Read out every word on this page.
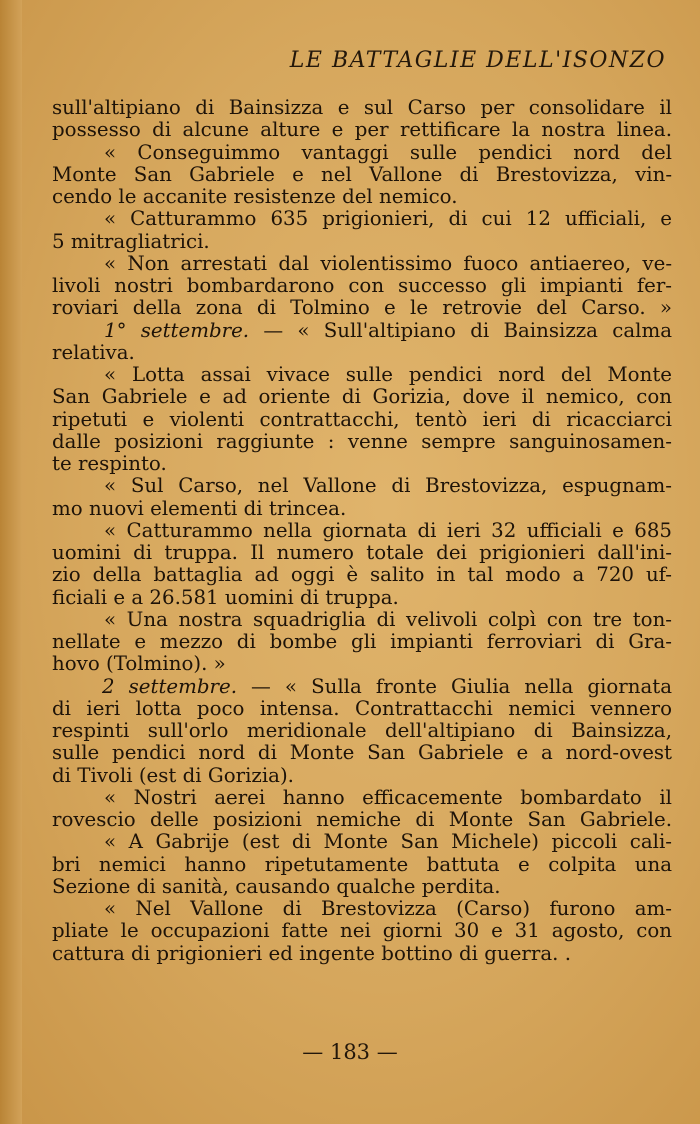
LE BATTAGLIE DELL'ISONZO
sull'altipiano di Bainsizza e sul Carso per consolidare il
possesso di alcune alture e per rettificare la nostra linea.
« Conseguimmo vantaggi sulle pendici nord del
Monte San Gabriele e nel Vallone di Brestovizza, vin-
cendo le accanite resistenze del nemico.
« Catturammo 635 prigionieri, di cui 12 ufficiali, e
5 mitragliatrici.
« Non arrestati dal violentissimo fuoco antiaereo, ve-
livoli nostri bombardarono con successo gli impianti fer-
roviari della zona di Tolmino e le retrovie del Carso. »
1° settembre. — « Sull'altipiano di Bainsizza calma
relativa.
« Lotta assai vivace sulle pendici nord del Monte
San Gabriele e ad oriente di Gorizia, dove il nemico, con
ripetuti e violenti contrattacchi, tentò ieri di ricacciarci
dalle posizioni raggiunte : venne sempre sanguinosamen-
te respinto.
« Sul Carso, nel Vallone di Brestovizza, espugnam-
mo nuovi elementi di trincea.
« Catturammo nella giornata di ieri 32 ufficiali e 685
uomini di truppa. Il numero totale dei prigionieri dall'ini-
zio della battaglia ad oggi è salito in tal modo a 720 uf-
ficiali e a 26.581 uomini di truppa.
« Una nostra squadriglia di velivoli colpì con tre ton-
nellate e mezzo di bombe gli impianti ferroviari di Gra-
hovo (Tolmino). »
2 settembre. — « Sulla fronte Giulia nella giornata
di ieri lotta poco intensa. Contrattacchi nemici vennero
respinti sull'orlo meridionale dell'altipiano di Bainsizza,
sulle pendici nord di Monte San Gabriele e a nord-ovest
di Tivoli (est di Gorizia).
« Nostri aerei hanno efficacemente bombardato il
rovescio delle posizioni nemiche di Monte San Gabriele.
« A Gabrije (est di Monte San Michele) piccoli cali-
bri nemici hanno ripetutamente battuta e colpita una
Sezione di sanità, causando qualche perdita.
« Nel Vallone di Brestovizza (Carso) furono am-
pliate le occupazioni fatte nei giorni 30 e 31 agosto, con
cattura di prigionieri ed ingente bottino di guerra. .
— 183 —
